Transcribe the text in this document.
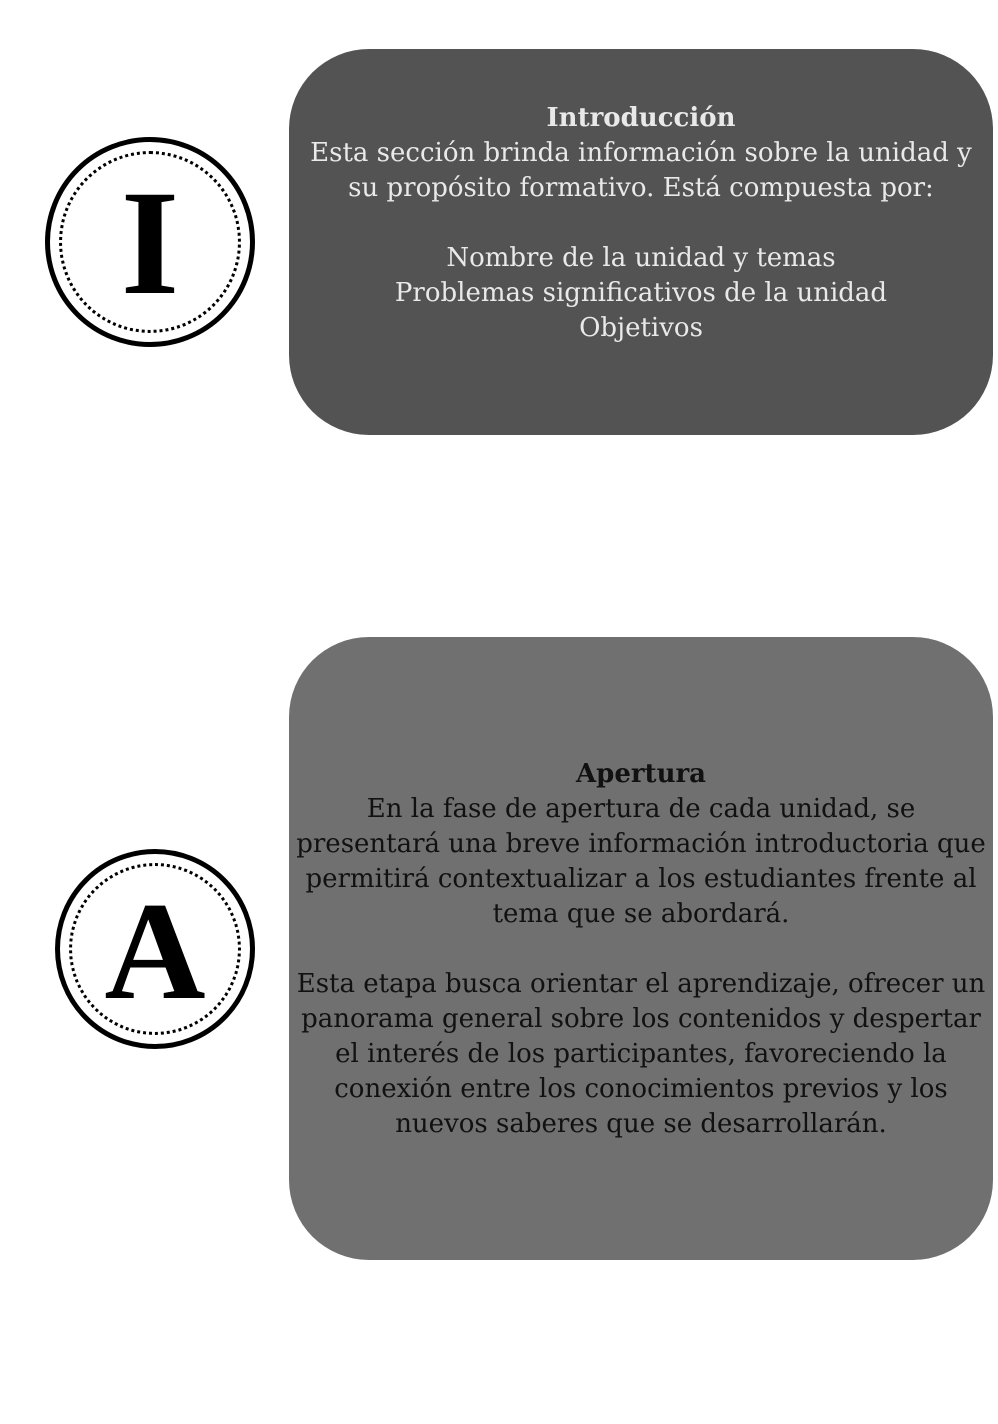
I

Introducción

Esta sección brinda información sobre la unidad y su propósito formativo. Está compuesta por:

Nombre de la unidad y temas

Problemas significativos de la unidad

Objetivos

A

Apertura

En la fase de apertura de cada unidad, se presentará una breve información introductoria que permitirá contextualizar a los estudiantes frente al tema que se abordará.

Esta etapa busca orientar el aprendizaje, ofrecer un panorama general sobre los contenidos y despertar el interés de los participantes, favoreciendo la conexión entre los conocimientos previos y los nuevos saberes que se desarrollarán.
